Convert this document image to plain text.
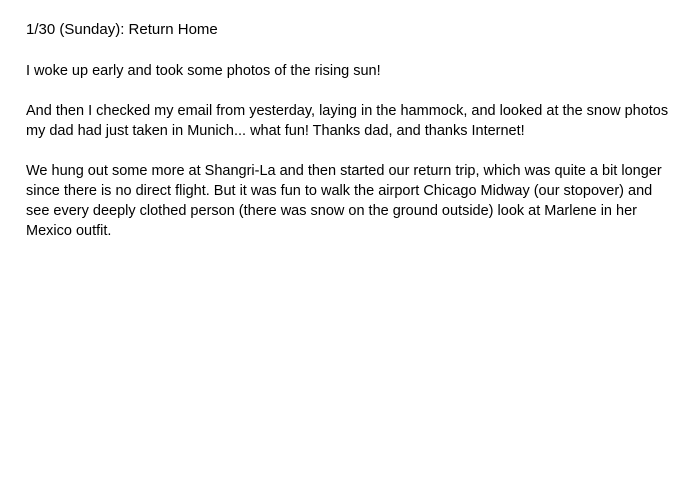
1/30 (Sunday): Return Home

I woke up early and took some photos of the rising sun!

And then I checked my email from yesterday, laying in the hammock, and looked at the snow photos my dad had just taken in Munich... what fun! Thanks dad, and thanks Internet!

We hung out some more at Shangri-La and then started our return trip, which was quite a bit longer since there is no direct flight. But it was fun to walk the airport Chicago Midway (our stopover) and see every deeply clothed person (there was snow on the ground outside) look at Marlene in her Mexico outfit.
